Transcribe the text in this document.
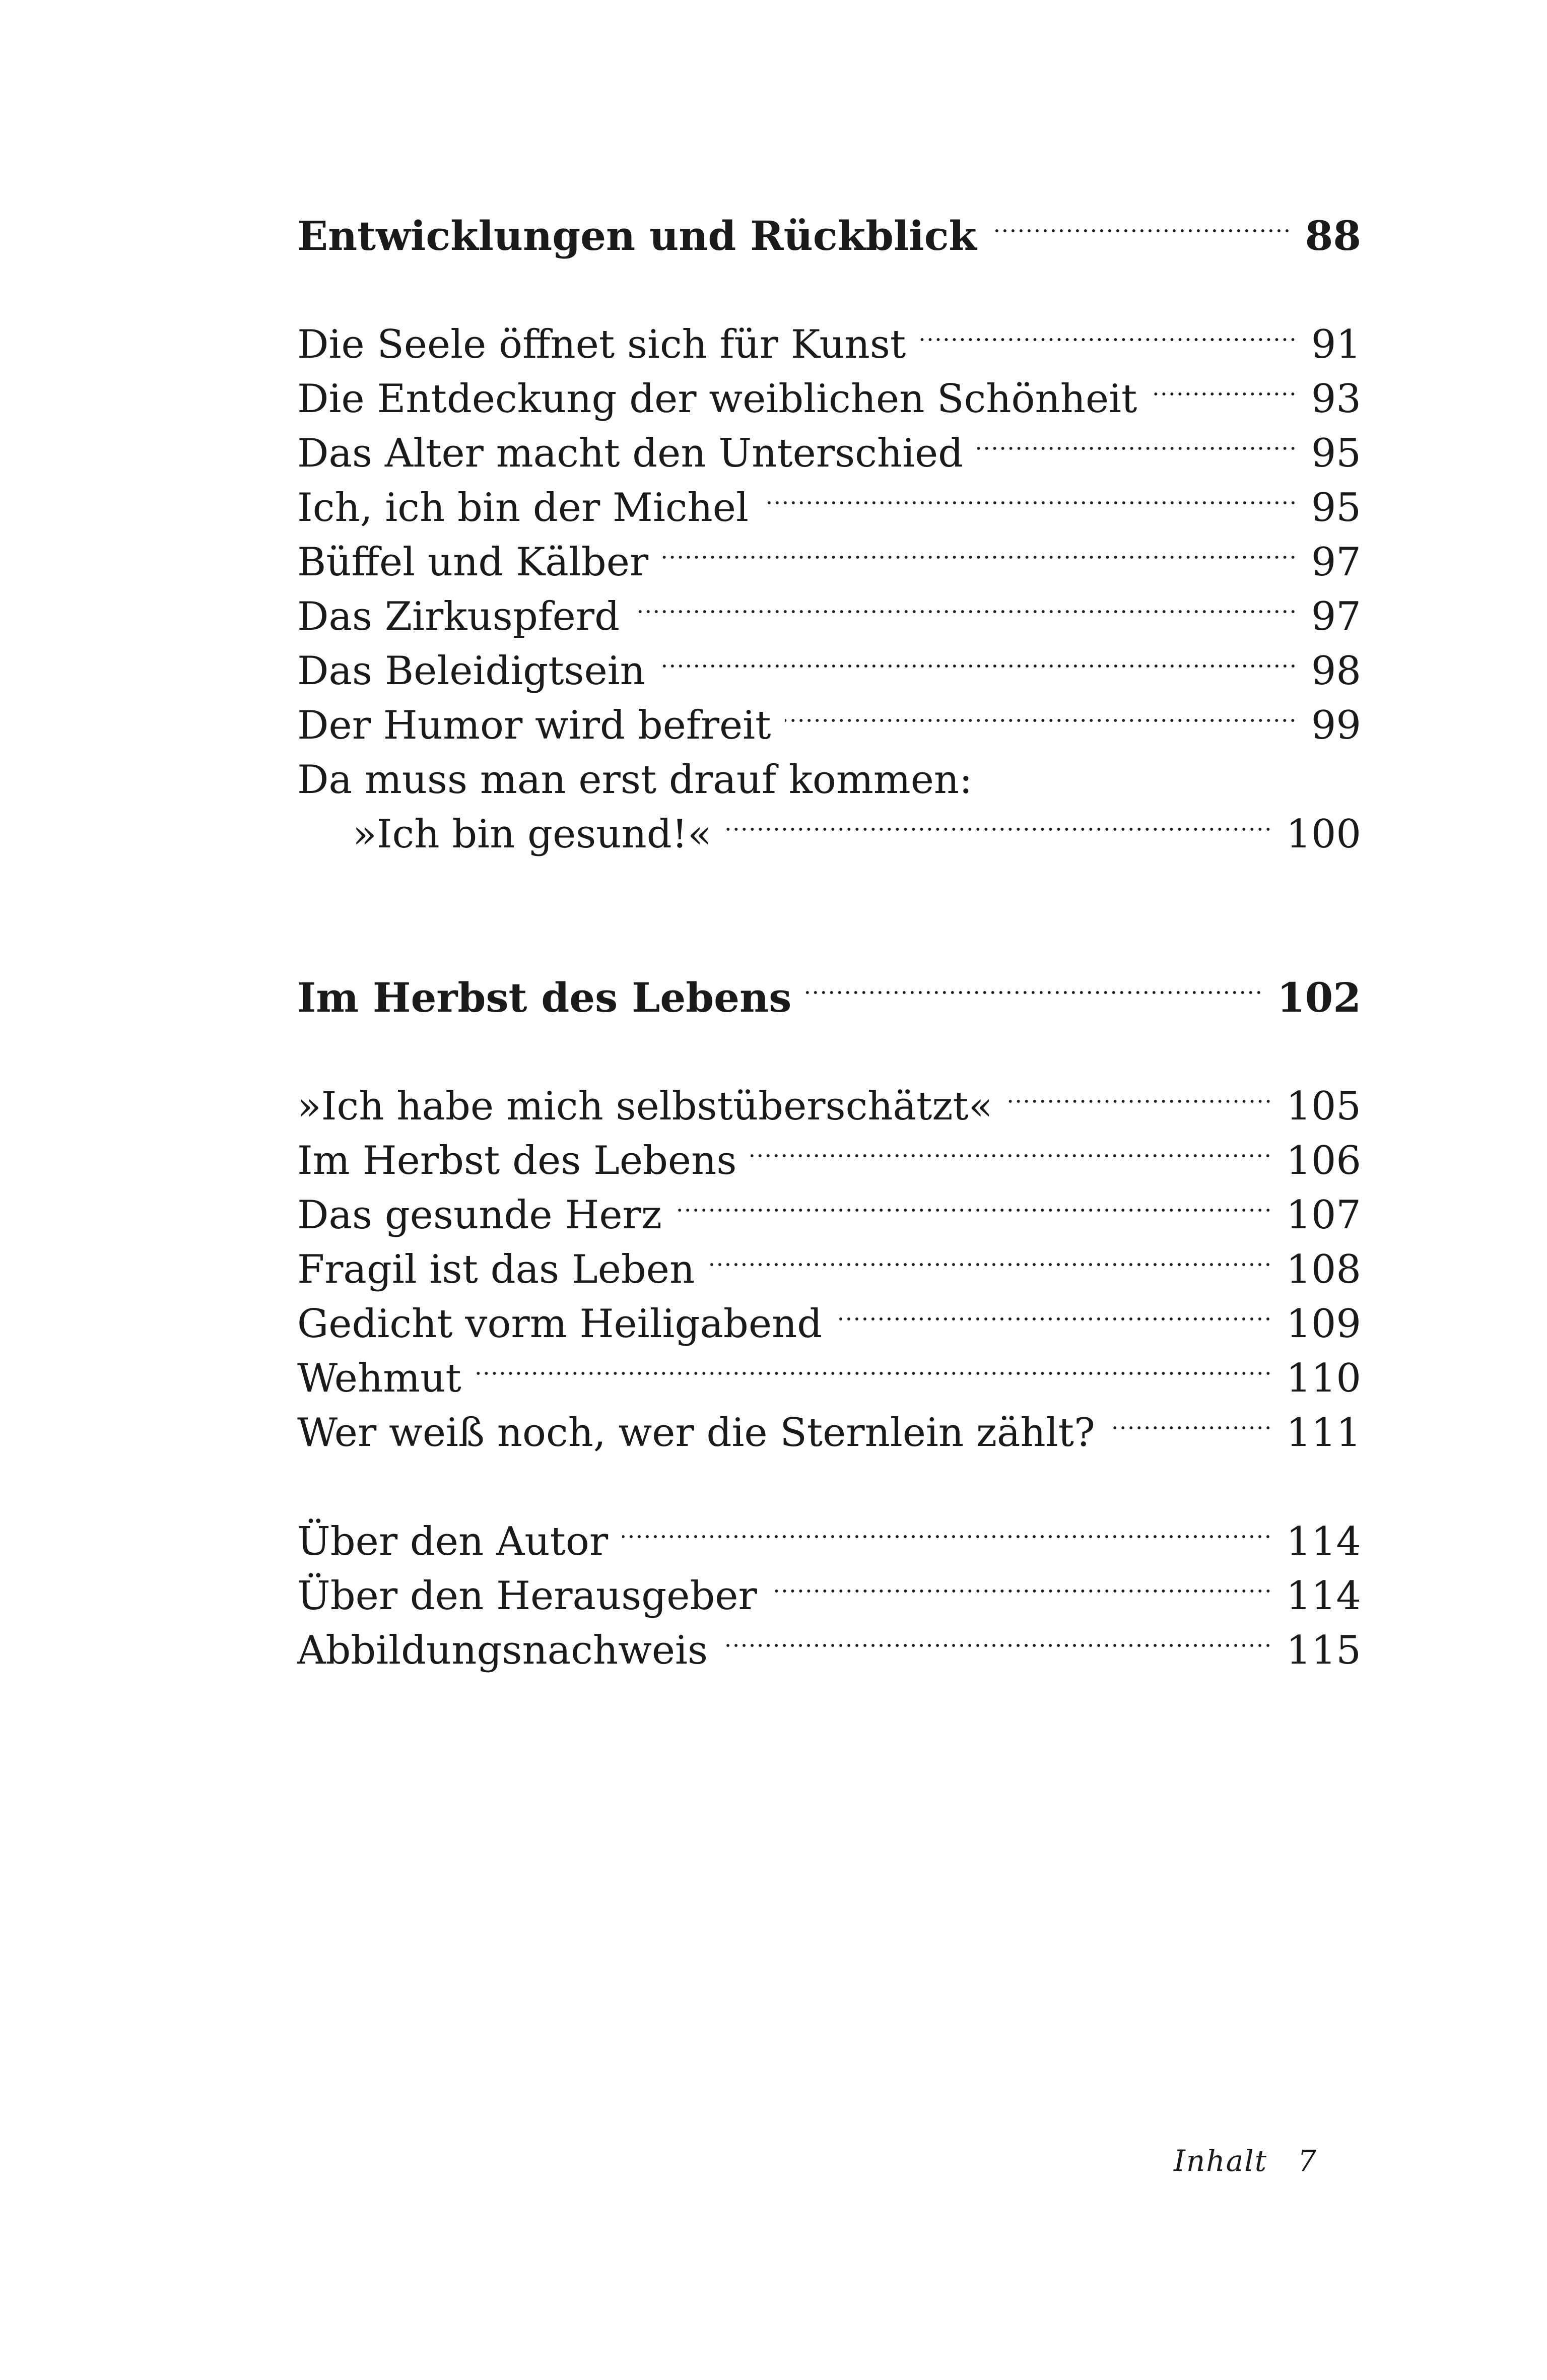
Entwicklungen und Rückblick	88
Die Seele öffnet sich für Kunst	91
Die Entdeckung der weiblichen Schönheit	93
Das Alter macht den Unterschied	95
Ich, ich bin der Michel	95
Büffel und Kälber	97
Das Zirkuspferd	97
Das Beleidigtsein	98
Der Humor wird befreit	99
Da muss man erst drauf kommen:
»Ich bin gesund!«	100
Im Herbst des Lebens	102
»Ich habe mich selbstüberschätzt«	105
Im Herbst des Lebens	106
Das gesunde Herz	107
Fragil ist das Leben	108
Gedicht vorm Heiligabend	109
Wehmut	110
Wer weiß noch, wer die Sternlein zählt?	111
Über den Autor	114
Über den Herausgeber	114
Abbildungsnachweis	115
Inhalt 7
